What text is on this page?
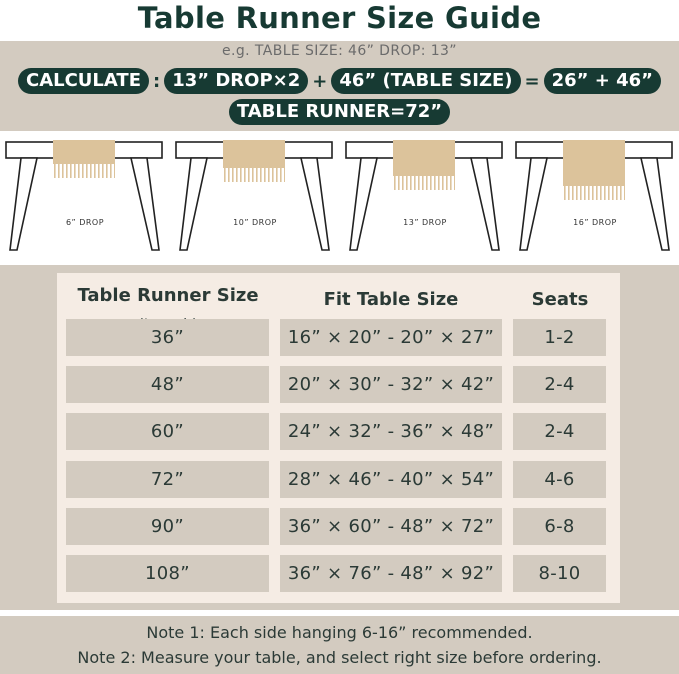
Table Runner Size Guide
e.g. TABLE SIZE: 46” DROP: 13”
CALCULATE : 13” DROP×2 + 46” (TABLE SIZE) = 26” + 46”
TABLE RUNNER=72”
6” DROP	10” DROP	13” DROP	16” DROP
Table Runner Size	Fit Table Size	Seats
36”	16” × 20” - 20” × 27”	1-2
48”	20” × 30” - 32” × 42”	2-4
60”	24” × 32” - 36” × 48”	2-4
72”	28” × 46” - 40” × 54”	4-6
90”	36” × 60” - 48” × 72”	6-8
108”	36” × 76” - 48” × 92”	8-10
Note 1: Each side hanging 6-16” recommended.
Note 2: Measure your table, and select right size before ordering.
